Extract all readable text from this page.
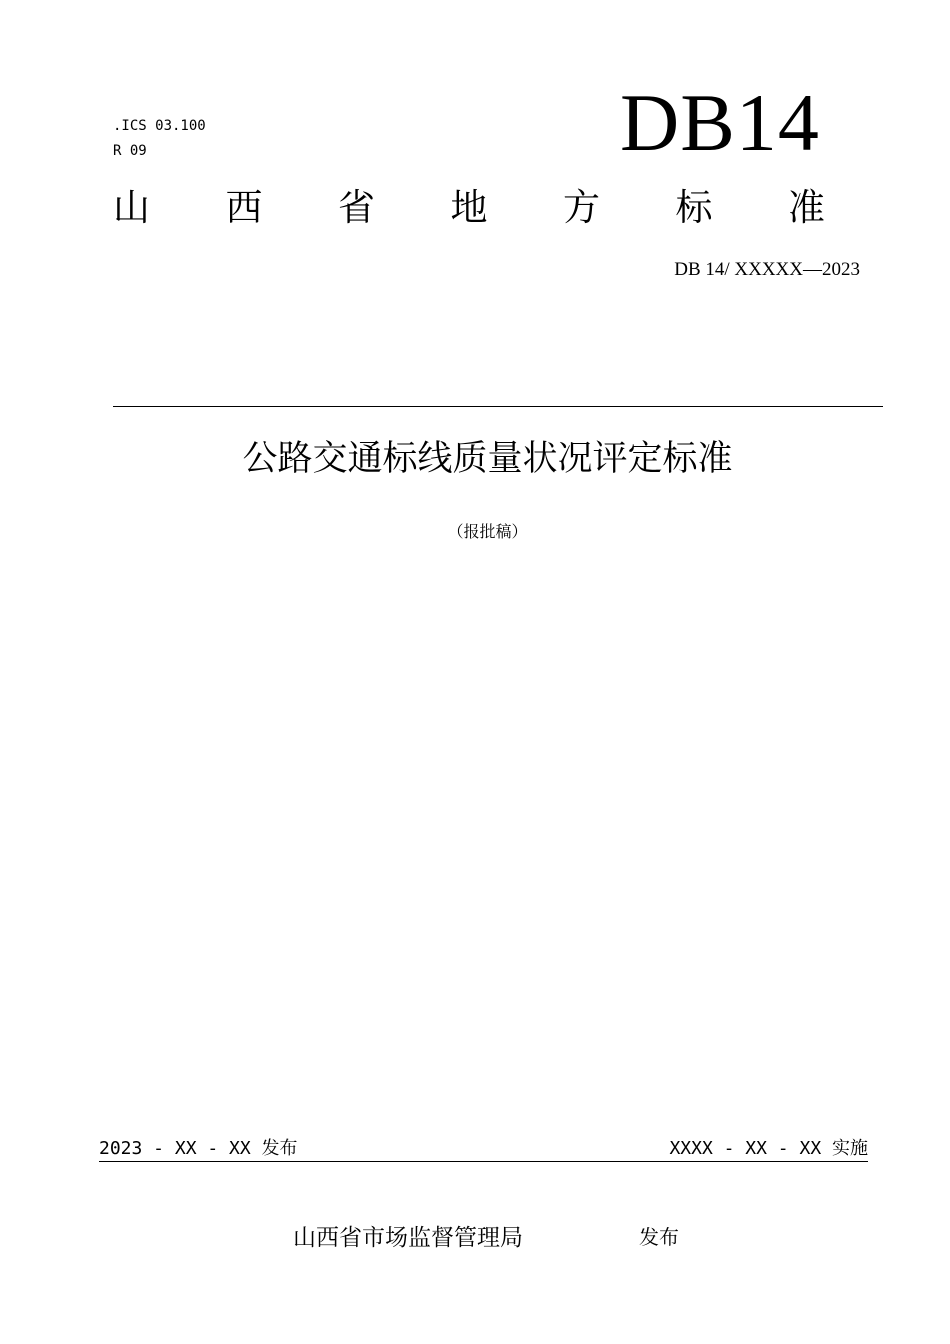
.ICS 03.100
R 09	DB14
山 西 省 地 方 标 准
DB 14/ XXXXX—2023
公路交通标线质量状况评定标准
（报批稿）
2023 - XX - XX 发布	XXXX - XX - XX 实施
山西省市场监督管理局	发布
